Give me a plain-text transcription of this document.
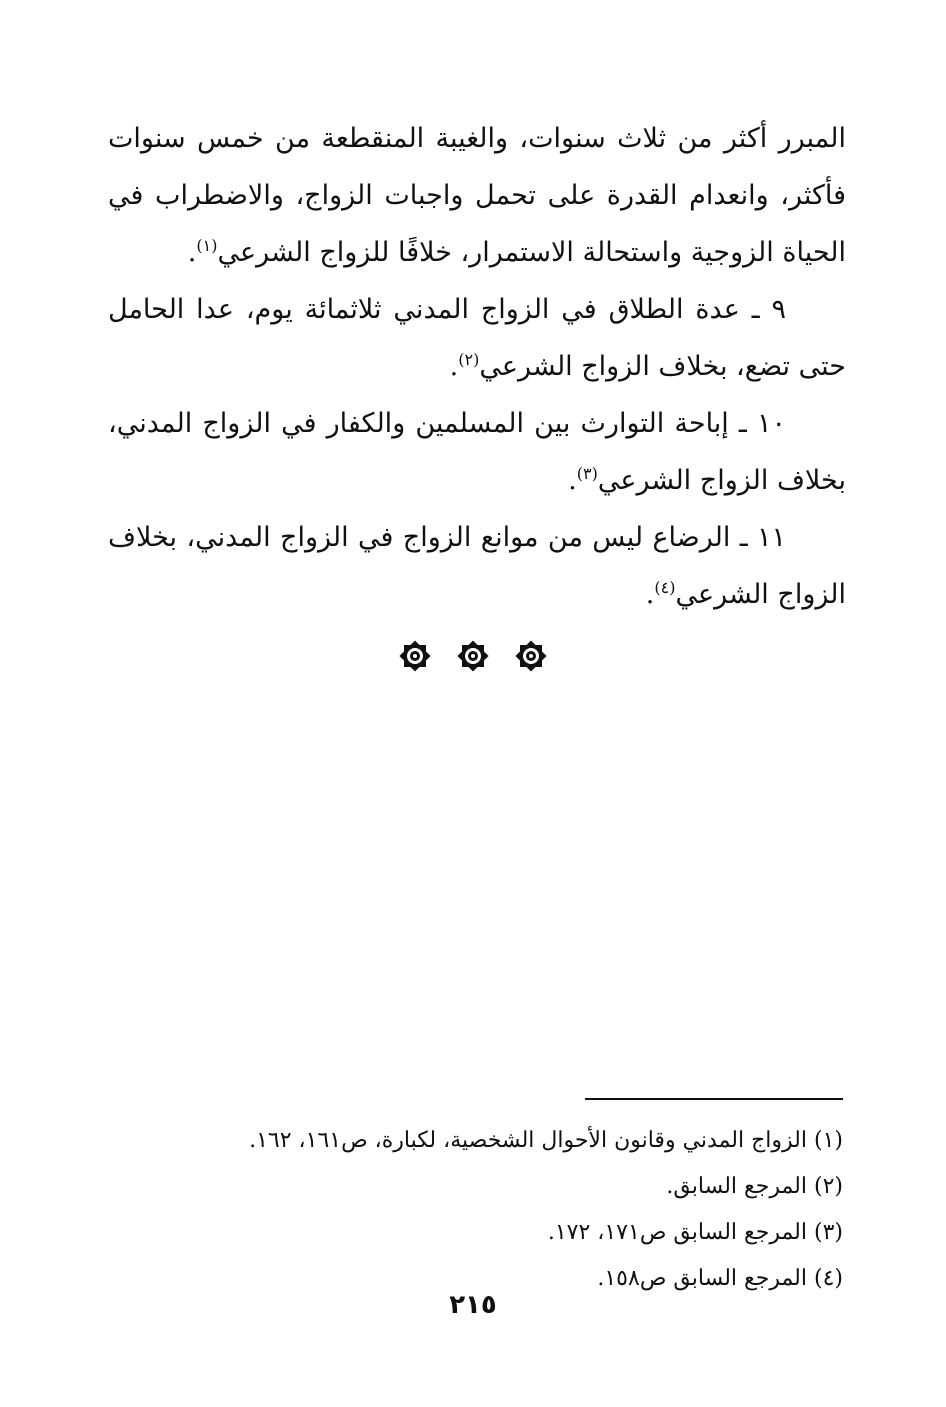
المبرر أكثر من ثلاث سنوات، والغيبة المنقطعة من خمس سنوات فأكثر، وانعدام القدرة على تحمل واجبات الزواج، والاضطراب في الحياة الزوجية واستحالة الاستمرار، خلافًا للزواج الشرعي$^{(١)}$.

٩ ـ عدة الطلاق في الزواج المدني ثلاثمائة يوم، عدا الحامل حتى تضع، بخلاف الزواج الشرعي$^{(٢)}$.

١٠ ـ إباحة التوارث بين المسلمين والكفار في الزواج المدني، بخلاف الزواج الشرعي$^{(٣)}$.

١١ ـ الرضاع ليس من موانع الزواج في الزواج المدني، بخلاف الزواج الشرعي$^{(٤)}$.

(١) الزواج المدني وقانون الأحوال الشخصية، لكبارة، ص١٦١، ١٦٢.

(٢) المرجع السابق.

(٣) المرجع السابق ص١٧١، ١٧٢.

(٤) المرجع السابق ص١٥٨.

٢١٥
